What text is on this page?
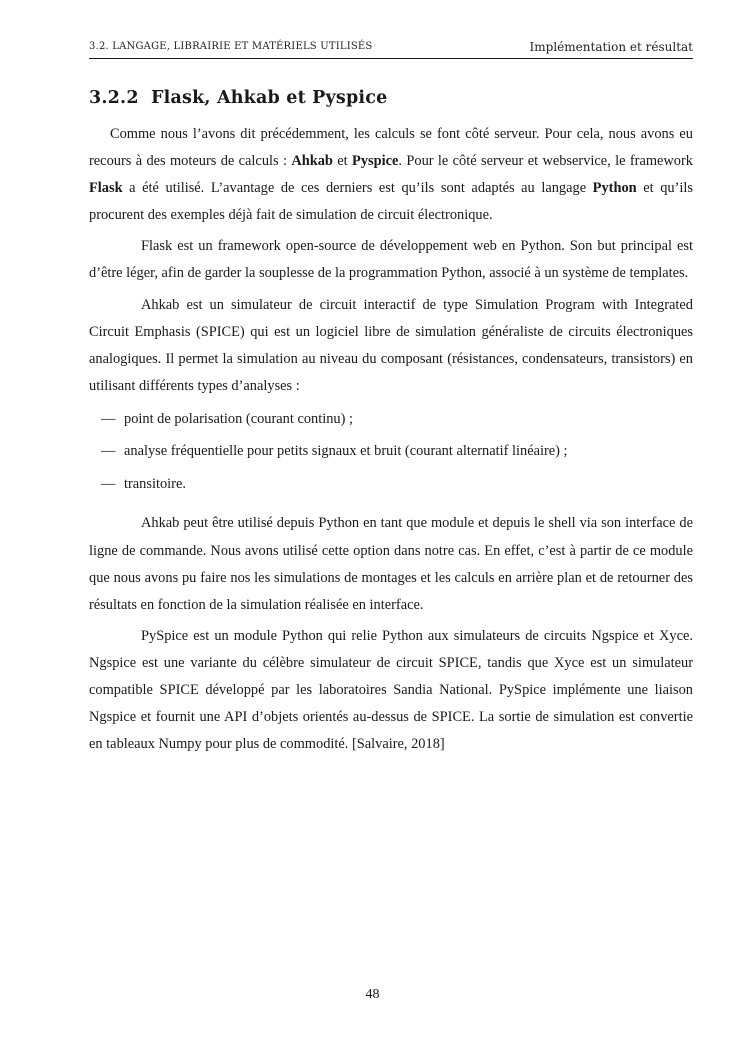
3.2. LANGAGE, LIBRAIRIE ET MATÉRIELS UTILISÉS	Implémentation et résultat
3.2.2 Flask, Ahkab et Pyspice

Comme nous l’avons dit précédemment, les calculs se font côté serveur. Pour cela, nous avons eu recours à des moteurs de calculs : Ahkab et Pyspice. Pour le côté serveur et webservice, le framework Flask a été utilisé. L’avantage de ces derniers est qu’ils sont adaptés au langage Python et qu’ils procurent des exemples déjà fait de simulation de circuit électronique.

Flask est un framework open-source de développement web en Python. Son but principal est d’être léger, afin de garder la souplesse de la programmation Python, associé à un système de templates.

Ahkab est un simulateur de circuit interactif de type Simulation Program with Integrated Circuit Emphasis (SPICE) qui est un logiciel libre de simulation généraliste de circuits électroniques analogiques. Il permet la simulation au niveau du composant (résistances, condensateurs, transistors) en utilisant différents types d’analyses :

— point de polarisation (courant continu) ;
— analyse fréquentielle pour petits signaux et bruit (courant alternatif linéaire) ;
— transitoire.

Ahkab peut être utilisé depuis Python en tant que module et depuis le shell via son interface de ligne de commande. Nous avons utilisé cette option dans notre cas. En effet, c’est à partir de ce module que nous avons pu faire nos les simulations de montages et les calculs en arrière plan et de retourner des résultats en fonction de la simulation réalisée en interface.

PySpice est un module Python qui relie Python aux simulateurs de circuits Ngspice et Xyce. Ngspice est une variante du célèbre simulateur de circuit SPICE, tandis que Xyce est un simulateur compatible SPICE développé par les laboratoires Sandia National. PySpice implémente une liaison Ngspice et fournit une API d’objets orientés au-dessus de SPICE. La sortie de simulation est convertie en tableaux Numpy pour plus de commodité. [Salvaire, 2018]

48
